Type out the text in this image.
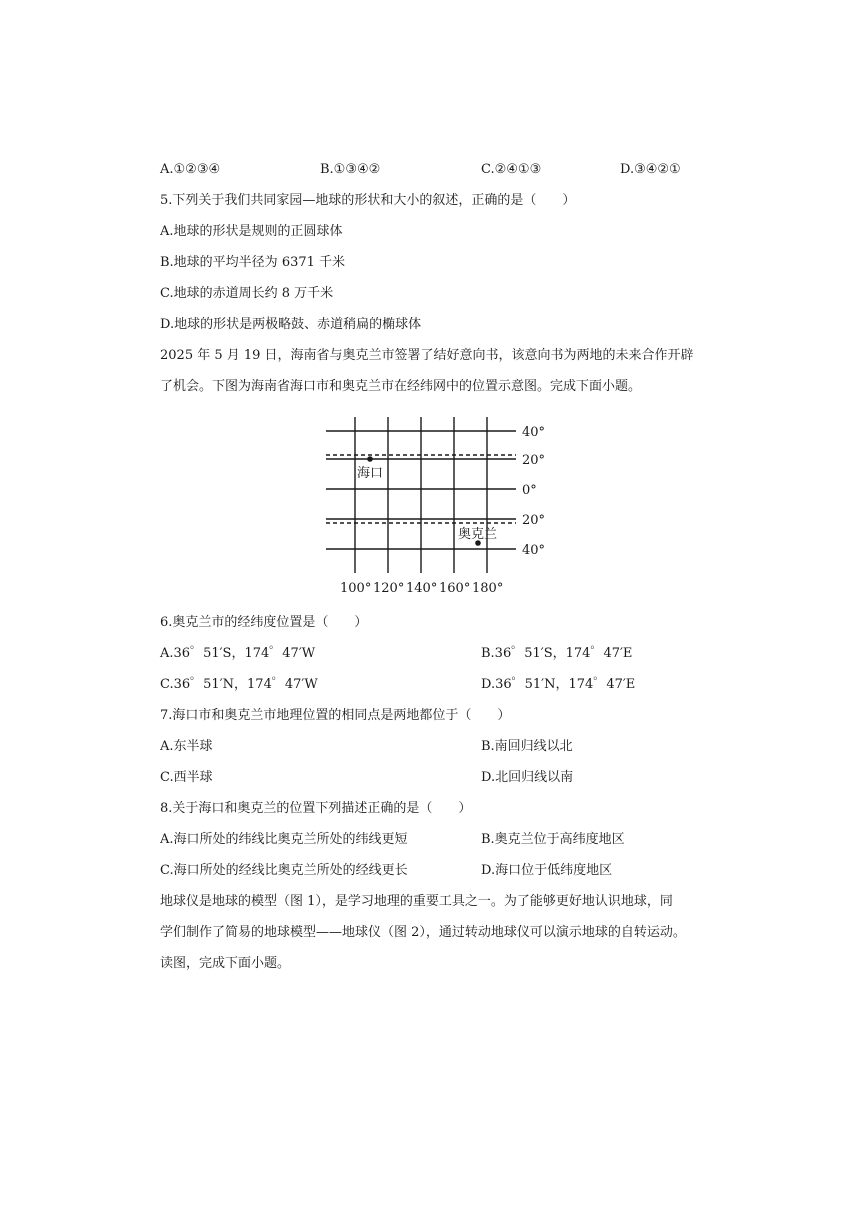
A.①②③④	B.①③④②	C.②④①③	D.③④②①
5.下列关于我们共同家园—地球的形状和大小的叙述，正确的是（　　）
A.地球的形状是规则的正圆球体
B.地球的平均半径为 6371 千米
C.地球的赤道周长约 8 万千米
D.地球的形状是两极略鼓、赤道稍扁的椭球体
2025 年 5 月 19 日，海南省与奥克兰市签署了结好意向书，该意向书为两地的未来合作开辟
了机会。下图为海南省海口市和奥克兰市在经纬网中的位置示意图。完成下面小题。
40°
20°
0°
20°
40°
100° 120° 140° 160° 180°
海口
奥克兰
6.奥克兰市的经纬度位置是（　　）
A.36゜51′S，174゜47′W	B.36゜51′S，174゜47′E
C.36゜51′N，174゜47′W	D.36゜51′N，174゜47′E
7.海口市和奥克兰市地理位置的相同点是两地都位于（　　）
A.东半球	B.南回归线以北
C.西半球	D.北回归线以南
8.关于海口和奥克兰的位置下列描述正确的是（　　）
A.海口所处的纬线比奥克兰所处的纬线更短	B.奥克兰位于高纬度地区
C.海口所处的经线比奥克兰所处的经线更长	D.海口位于低纬度地区
地球仪是地球的模型（图 1），是学习地理的重要工具之一。为了能够更好地认识地球，同
学们制作了简易的地球模型——地球仪（图 2），通过转动地球仪可以演示地球的自转运动。
读图，完成下面小题。
